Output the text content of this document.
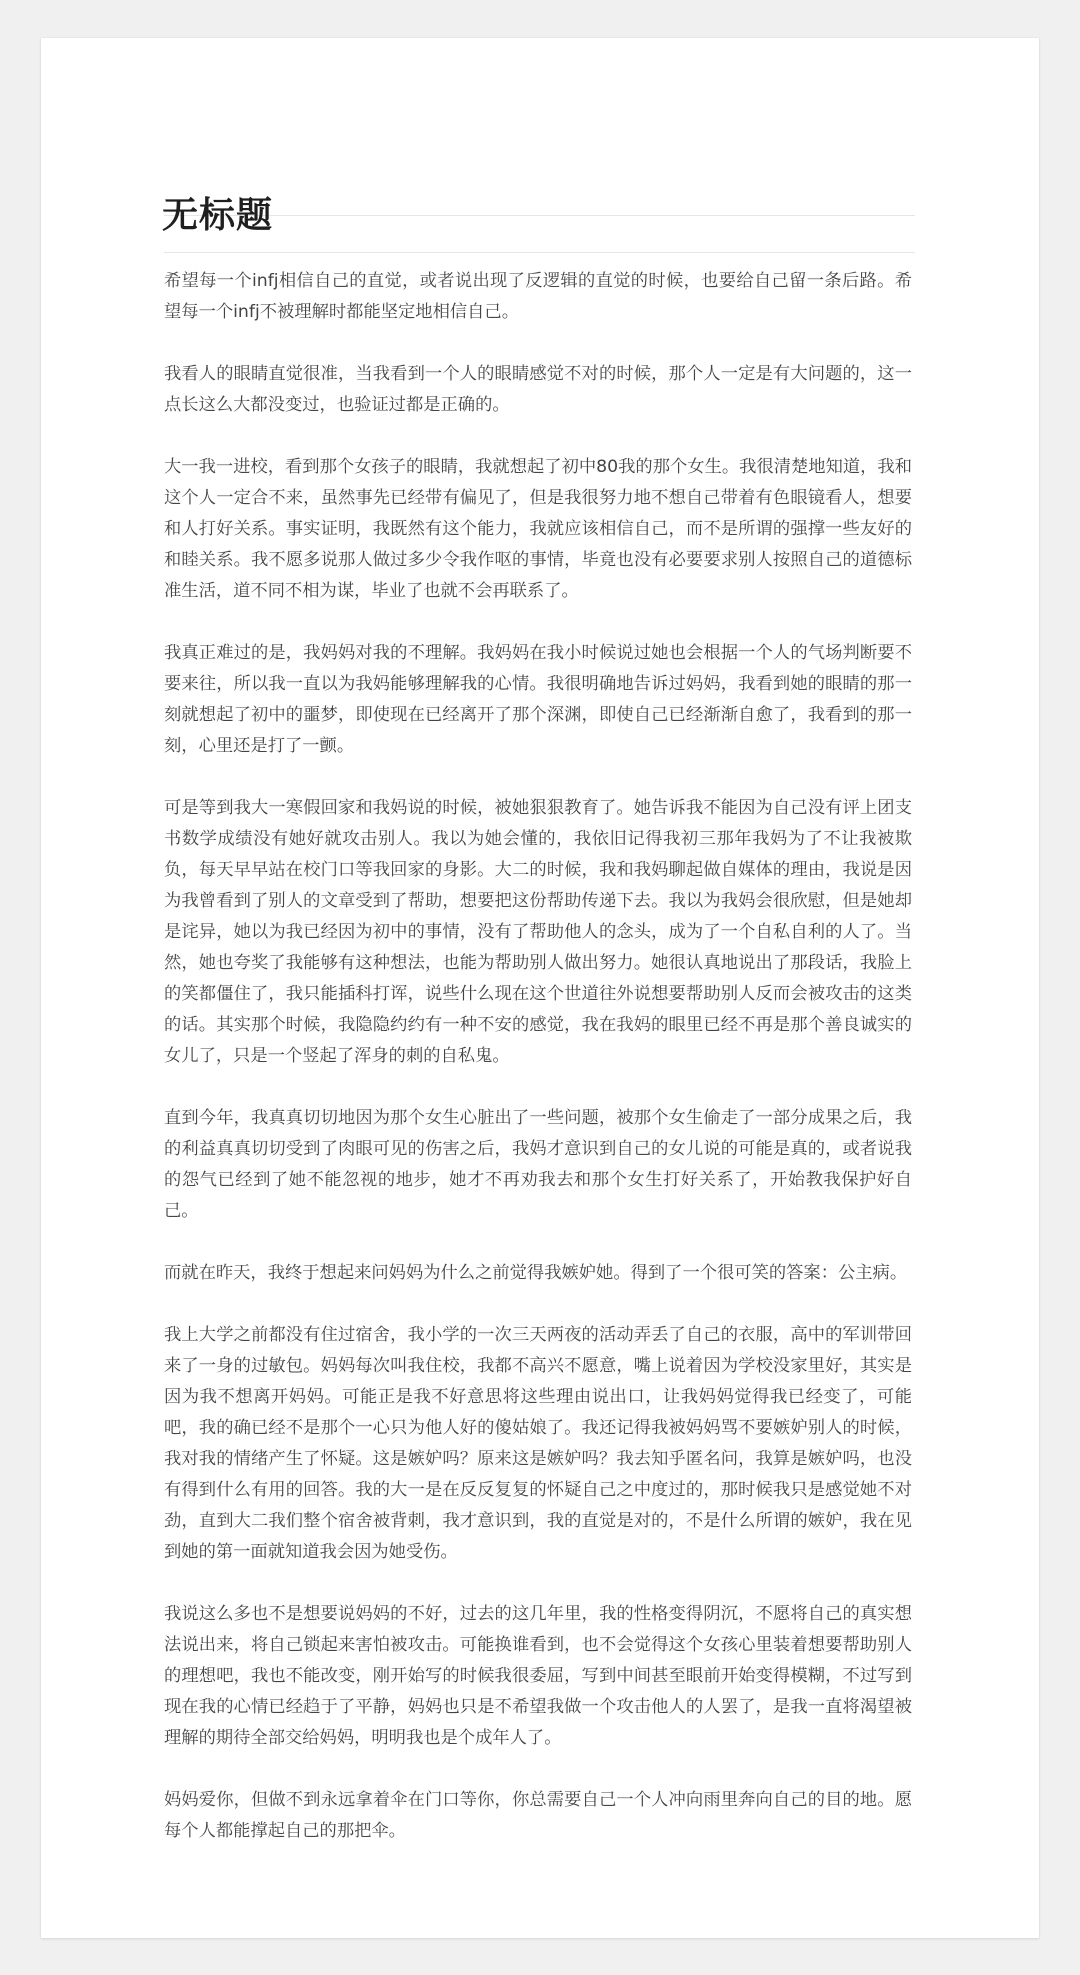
无标题

希望每一个infj相信自己的直觉，或者说出现了反逻辑的直觉的时候，也要给自己留一条后路。希望每一个infj不被理解时都能坚定地相信自己。

我看人的眼睛直觉很准，当我看到一个人的眼睛感觉不对的时候，那个人一定是有大问题的，这一点长这么大都没变过，也验证过都是正确的。

大一我一进校，看到那个女孩子的眼睛，我就想起了初中80我的那个女生。我很清楚地知道，我和这个人一定合不来，虽然事先已经带有偏见了，但是我很努力地不想自己带着有色眼镜看人，想要和人打好关系。事实证明，我既然有这个能力，我就应该相信自己，而不是所谓的强撑一些友好的和睦关系。我不愿多说那人做过多少令我作呕的事情，毕竟也没有必要要求别人按照自己的道德标准生活，道不同不相为谋，毕业了也就不会再联系了。

我真正难过的是，我妈妈对我的不理解。我妈妈在我小时候说过她也会根据一个人的气场判断要不要来往，所以我一直以为我妈能够理解我的心情。我很明确地告诉过妈妈，我看到她的眼睛的那一刻就想起了初中的噩梦，即使现在已经离开了那个深渊，即使自己已经渐渐自愈了，我看到的那一刻，心里还是打了一颤。

可是等到我大一寒假回家和我妈说的时候，被她狠狠教育了。她告诉我不能因为自己没有评上团支书数学成绩没有她好就攻击别人。我以为她会懂的，我依旧记得我初三那年我妈为了不让我被欺负，每天早早站在校门口等我回家的身影。大二的时候，我和我妈聊起做自媒体的理由，我说是因为我曾看到了别人的文章受到了帮助，想要把这份帮助传递下去。我以为我妈会很欣慰，但是她却是诧异，她以为我已经因为初中的事情，没有了帮助他人的念头，成为了一个自私自利的人了。当然，她也夸奖了我能够有这种想法，也能为帮助别人做出努力。她很认真地说出了那段话，我脸上的笑都僵住了，我只能插科打诨，说些什么现在这个世道往外说想要帮助别人反而会被攻击的这类的话。其实那个时候，我隐隐约约有一种不安的感觉，我在我妈的眼里已经不再是那个善良诚实的女儿了，只是一个竖起了浑身的刺的自私鬼。

直到今年，我真真切切地因为那个女生心脏出了一些问题，被那个女生偷走了一部分成果之后，我的利益真真切切受到了肉眼可见的伤害之后，我妈才意识到自己的女儿说的可能是真的，或者说我的怨气已经到了她不能忽视的地步，她才不再劝我去和那个女生打好关系了，开始教我保护好自己。

而就在昨天，我终于想起来问妈妈为什么之前觉得我嫉妒她。得到了一个很可笑的答案：公主病。

我上大学之前都没有住过宿舍，我小学的一次三天两夜的活动弄丢了自己的衣服，高中的军训带回来了一身的过敏包。妈妈每次叫我住校，我都不高兴不愿意，嘴上说着因为学校没家里好，其实是因为我不想离开妈妈。可能正是我不好意思将这些理由说出口，让我妈妈觉得我已经变了，可能吧，我的确已经不是那个一心只为他人好的傻姑娘了。我还记得我被妈妈骂不要嫉妒别人的时候，我对我的情绪产生了怀疑。这是嫉妒吗？原来这是嫉妒吗？我去知乎匿名问，我算是嫉妒吗，也没有得到什么有用的回答。我的大一是在反反复复的怀疑自己之中度过的，那时候我只是感觉她不对劲，直到大二我们整个宿舍被背刺，我才意识到，我的直觉是对的，不是什么所谓的嫉妒，我在见到她的第一面就知道我会因为她受伤。

我说这么多也不是想要说妈妈的不好，过去的这几年里，我的性格变得阴沉，不愿将自己的真实想法说出来，将自己锁起来害怕被攻击。可能换谁看到，也不会觉得这个女孩心里装着想要帮助别人的理想吧，我也不能改变，刚开始写的时候我很委屈，写到中间甚至眼前开始变得模糊，不过写到现在我的心情已经趋于了平静，妈妈也只是不希望我做一个攻击他人的人罢了，是我一直将渴望被理解的期待全部交给妈妈，明明我也是个成年人了。

妈妈爱你，但做不到永远拿着伞在门口等你，你总需要自己一个人冲向雨里奔向自己的目的地。愿每个人都能撑起自己的那把伞。
